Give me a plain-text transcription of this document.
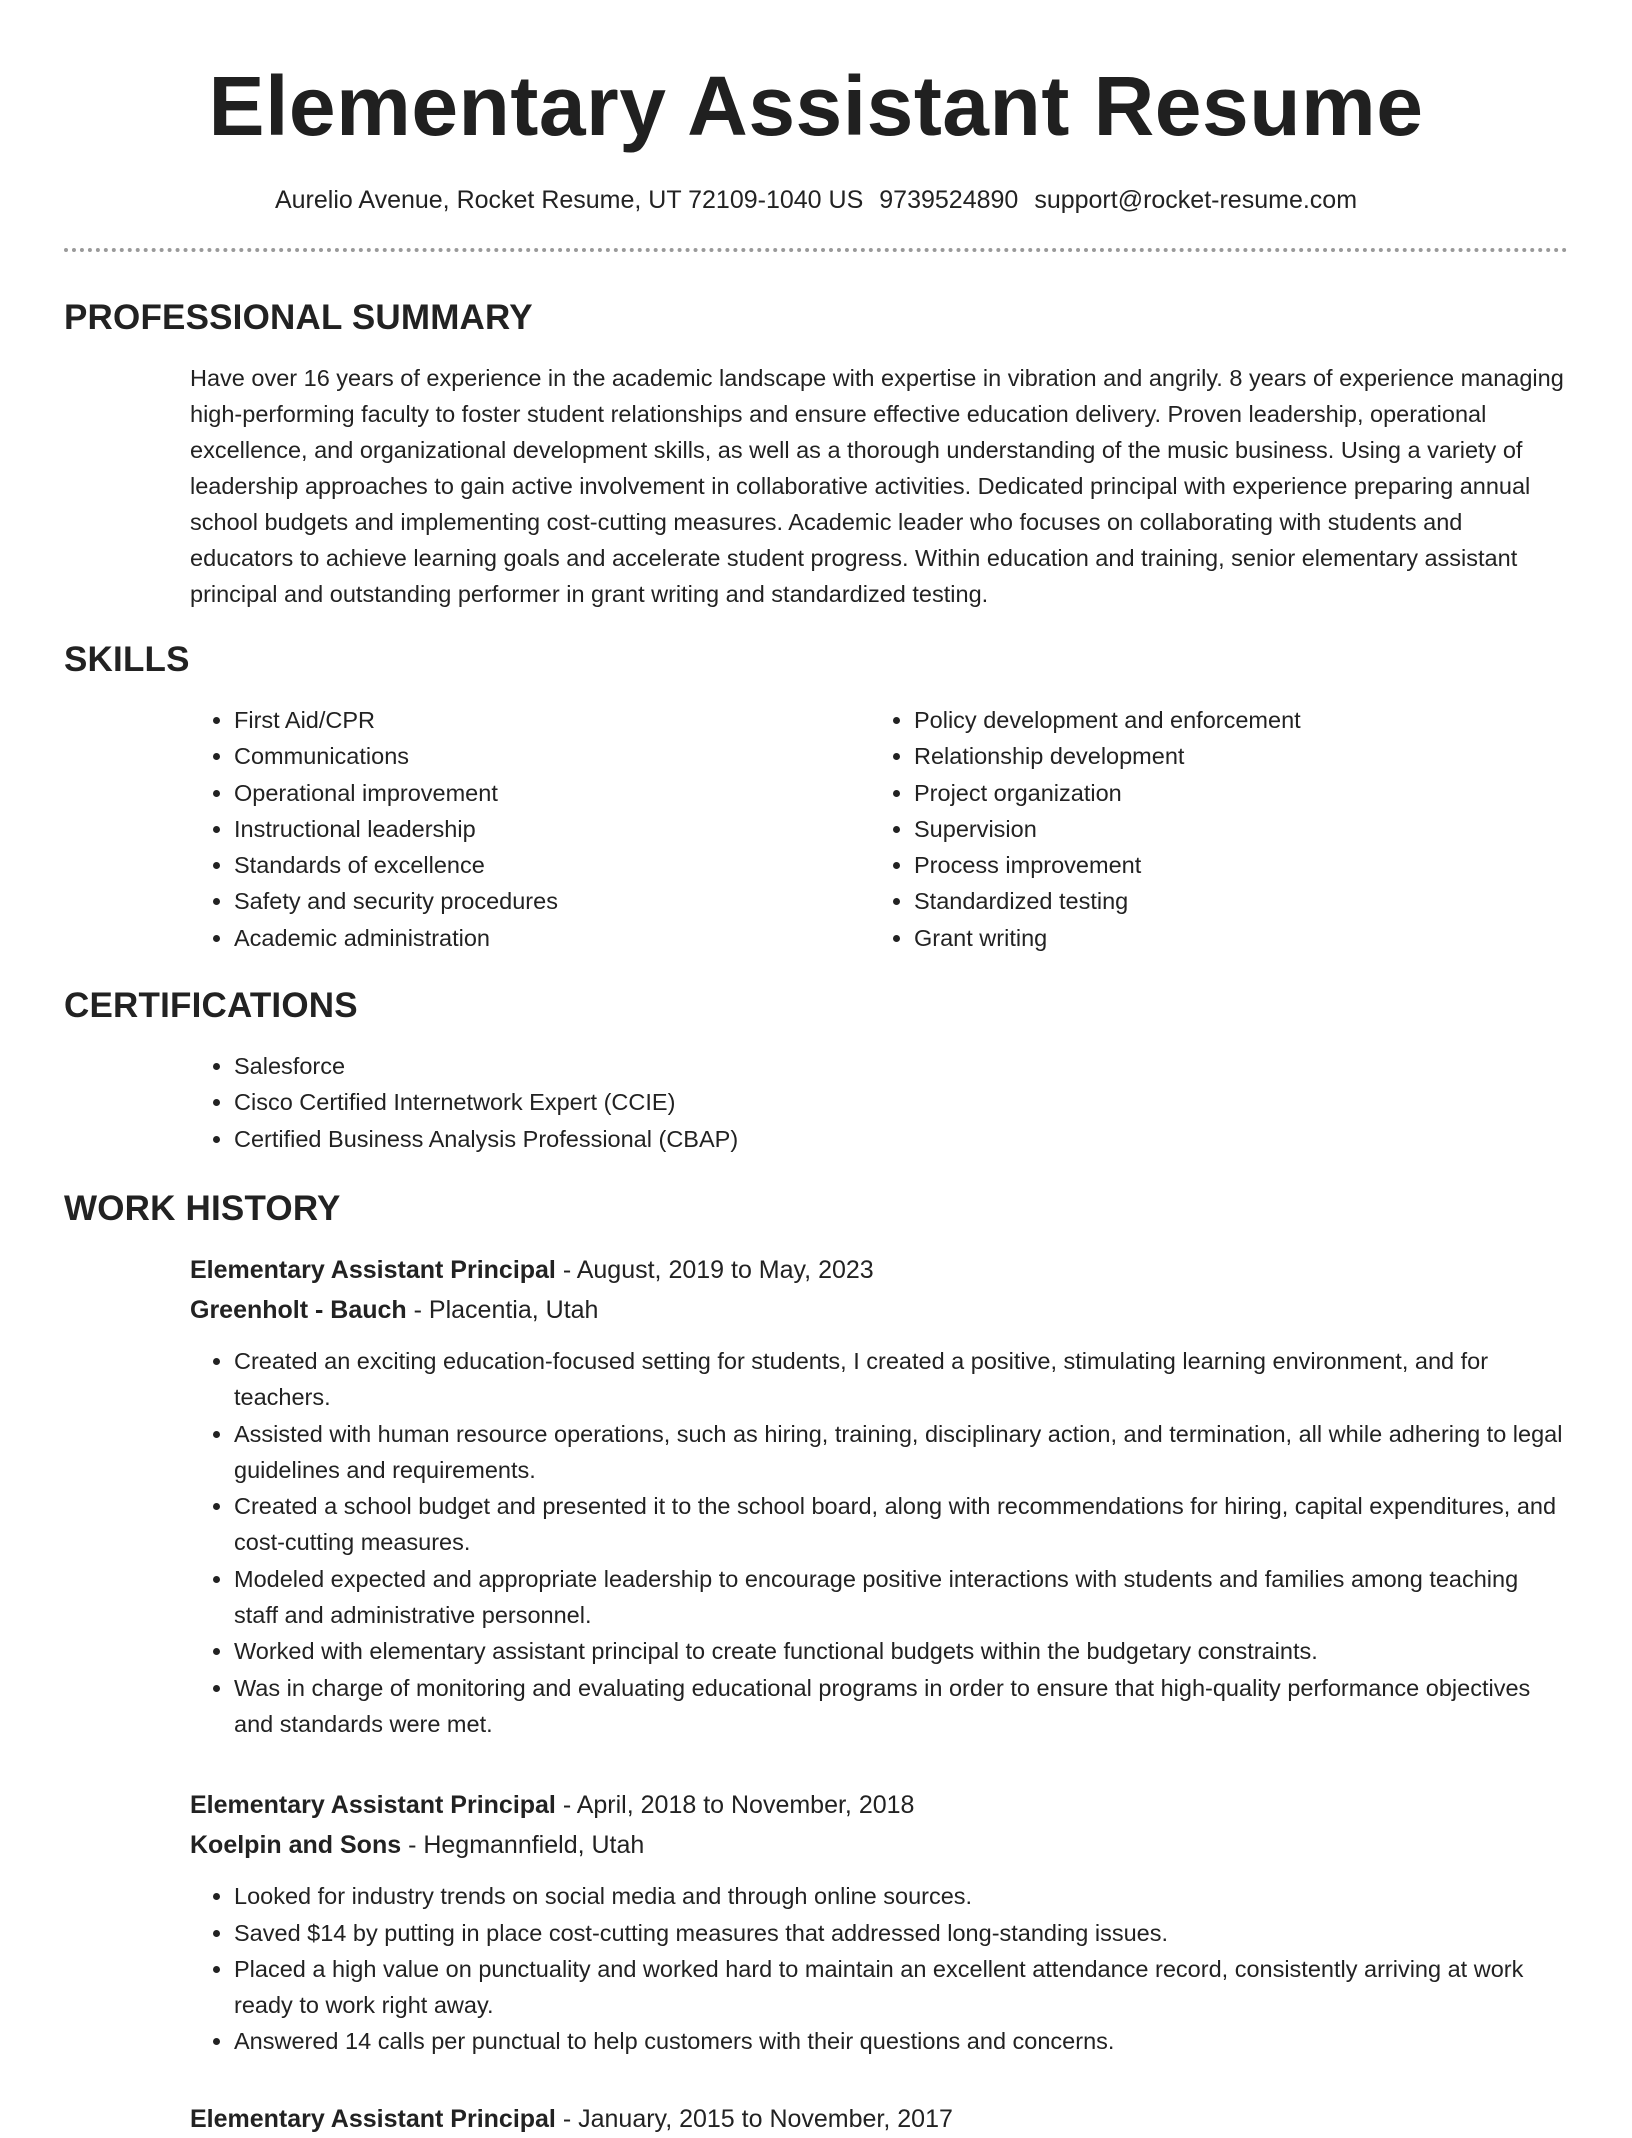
Elementary Assistant Resume
Aurelio Avenue, Rocket Resume, UT 72109-1040 US 9739524890 support@rocket-resume.com
PROFESSIONAL SUMMARY
Have over 16 years of experience in the academic landscape with expertise in vibration and angrily. 8 years of experience managing high-performing faculty to foster student relationships and ensure effective education delivery. Proven leadership, operational excellence, and organizational development skills, as well as a thorough understanding of the music business. Using a variety of leadership approaches to gain active involvement in collaborative activities. Dedicated principal with experience preparing annual school budgets and implementing cost-cutting measures. Academic leader who focuses on collaborating with students and educators to achieve learning goals and accelerate student progress. Within education and training, senior elementary assistant principal and outstanding performer in grant writing and standardized testing.
SKILLS
• First Aid/CPR
• Communications
• Operational improvement
• Instructional leadership
• Standards of excellence
• Safety and security procedures
• Academic administration
• Policy development and enforcement
• Relationship development
• Project organization
• Supervision
• Process improvement
• Standardized testing
• Grant writing
CERTIFICATIONS
• Salesforce
• Cisco Certified Internetwork Expert (CCIE)
• Certified Business Analysis Professional (CBAP)
WORK HISTORY
Elementary Assistant Principal - August, 2019 to May, 2023
Greenholt - Bauch - Placentia, Utah
• Created an exciting education-focused setting for students, I created a positive, stimulating learning environment, and for teachers.
• Assisted with human resource operations, such as hiring, training, disciplinary action, and termination, all while adhering to legal guidelines and requirements.
• Created a school budget and presented it to the school board, along with recommendations for hiring, capital expenditures, and cost-cutting measures.
• Modeled expected and appropriate leadership to encourage positive interactions with students and families among teaching staff and administrative personnel.
• Worked with elementary assistant principal to create functional budgets within the budgetary constraints.
• Was in charge of monitoring and evaluating educational programs in order to ensure that high-quality performance objectives and standards were met.
Elementary Assistant Principal - April, 2018 to November, 2018
Koelpin and Sons - Hegmannfield, Utah
• Looked for industry trends on social media and through online sources.
• Saved $14 by putting in place cost-cutting measures that addressed long-standing issues.
• Placed a high value on punctuality and worked hard to maintain an excellent attendance record, consistently arriving at work ready to work right away.
• Answered 14 calls per punctual to help customers with their questions and concerns.
Elementary Assistant Principal - January, 2015 to November, 2017
